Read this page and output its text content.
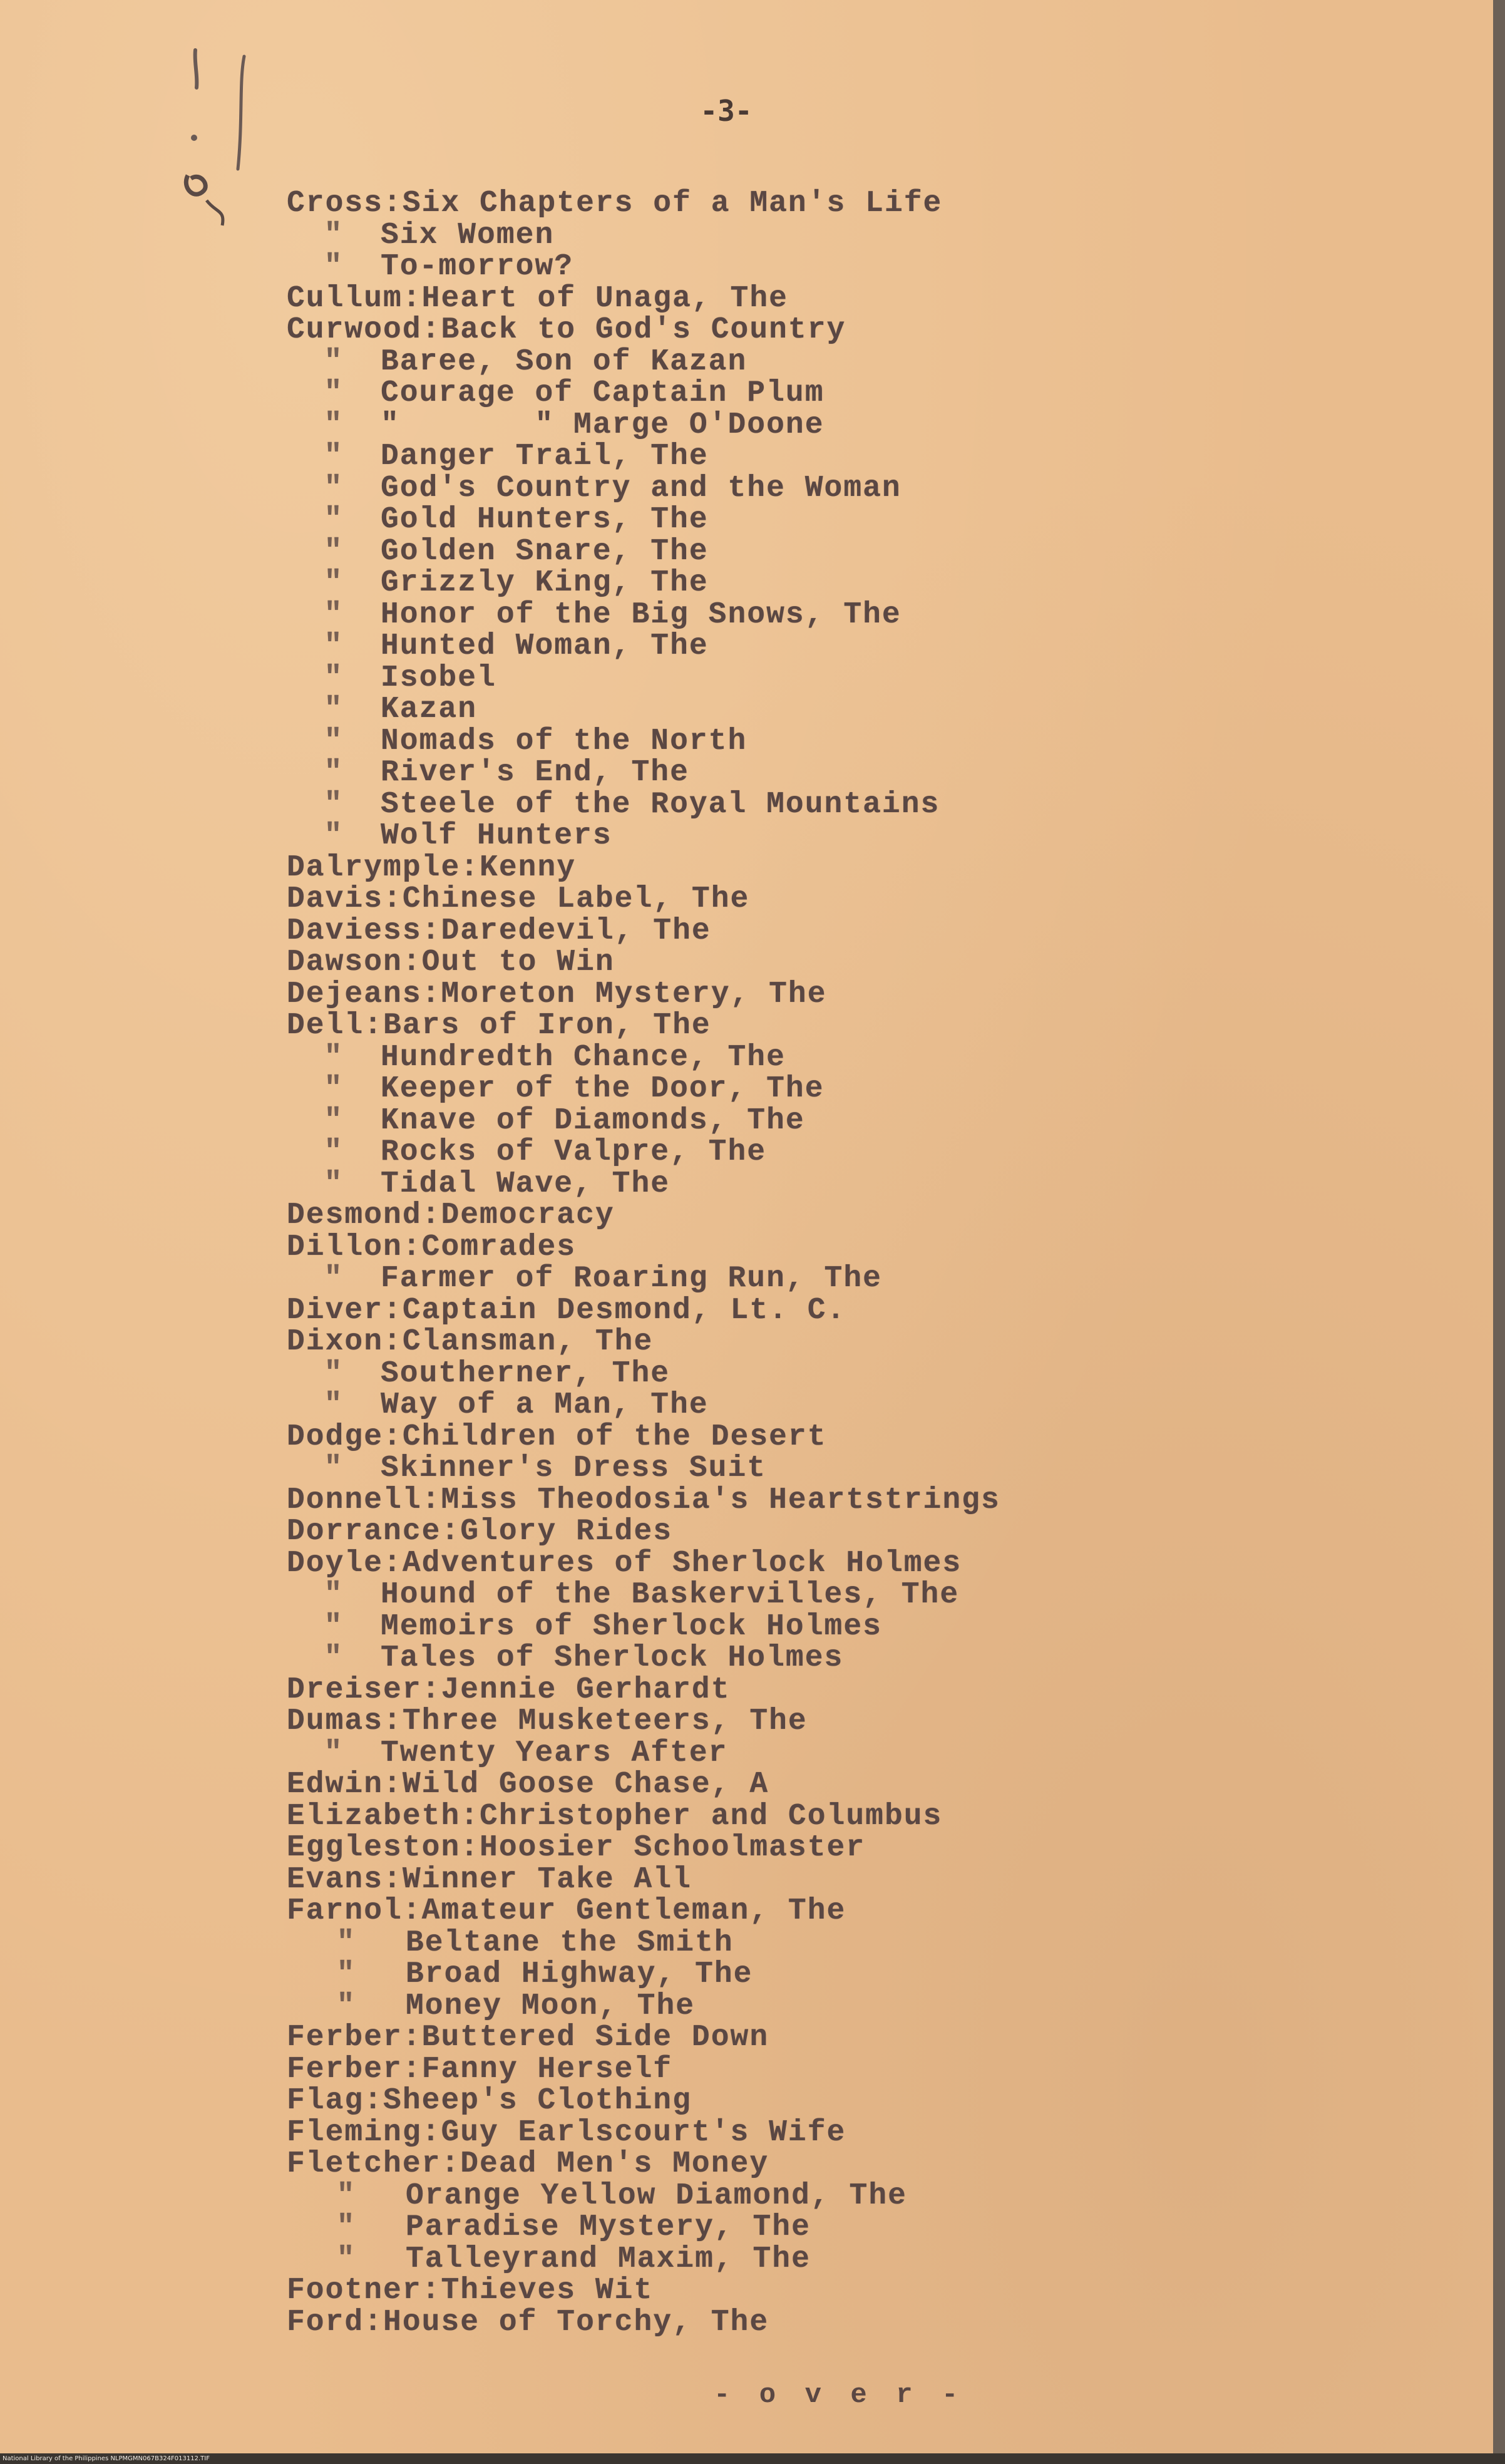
-3-
Cross:Six Chapters of a Man's Life
" Six Women
" To-morrow?
Cullum:Heart of Unaga, The
Curwood:Back to God's Country
" Baree, Son of Kazan
" Courage of Captain Plum
" "       " Marge O'Doone
" Danger Trail, The
" God's Country and the Woman
" Gold Hunters, The
" Golden Snare, The
" Grizzly King, The
" Honor of the Big Snows, The
" Hunted Woman, The
" Isobel
" Kazan
" Nomads of the North
" River's End, The
" Steele of the Royal Mountains
" Wolf Hunters
Dalrymple:Kenny
Davis:Chinese Label, The
Daviess:Daredevil, The
Dawson:Out to Win
Dejeans:Moreton Mystery, The
Dell:Bars of Iron, The
" Hundredth Chance, The
" Keeper of the Door, The
" Knave of Diamonds, The
" Rocks of Valpre, The
" Tidal Wave, The
Desmond:Democracy
Dillon:Comrades
" Farmer of Roaring Run, The
Diver:Captain Desmond, Lt. C.
Dixon:Clansman, The
" Southerner, The
" Way of a Man, The
Dodge:Children of the Desert
" Skinner's Dress Suit
Donnell:Miss Theodosia's Heartstrings
Dorrance:Glory Rides
Doyle:Adventures of Sherlock Holmes
" Hound of the Baskervilles, The
" Memoirs of Sherlock Holmes
" Tales of Sherlock Holmes
Dreiser:Jennie Gerhardt
Dumas:Three Musketeers, The
" Twenty Years After
Edwin:Wild Goose Chase, A
Elizabeth:Christopher and Columbus
Eggleston:Hoosier Schoolmaster
Evans:Winner Take All
Farnol:Amateur Gentleman, The
" Beltane the Smith
" Broad Highway, The
" Money Moon, The
Ferber:Buttered Side Down
Ferber:Fanny Herself
Flag:Sheep's Clothing
Fleming:Guy Earlscourt's Wife
Fletcher:Dead Men's Money
" Orange Yellow Diamond, The
" Paradise Mystery, The
" Talleyrand Maxim, The
Footner:Thieves Wit
Ford:House of Torchy, The
- o v e r -
National Library of the Philippines NLPMGMN067B324F013112.TIF
